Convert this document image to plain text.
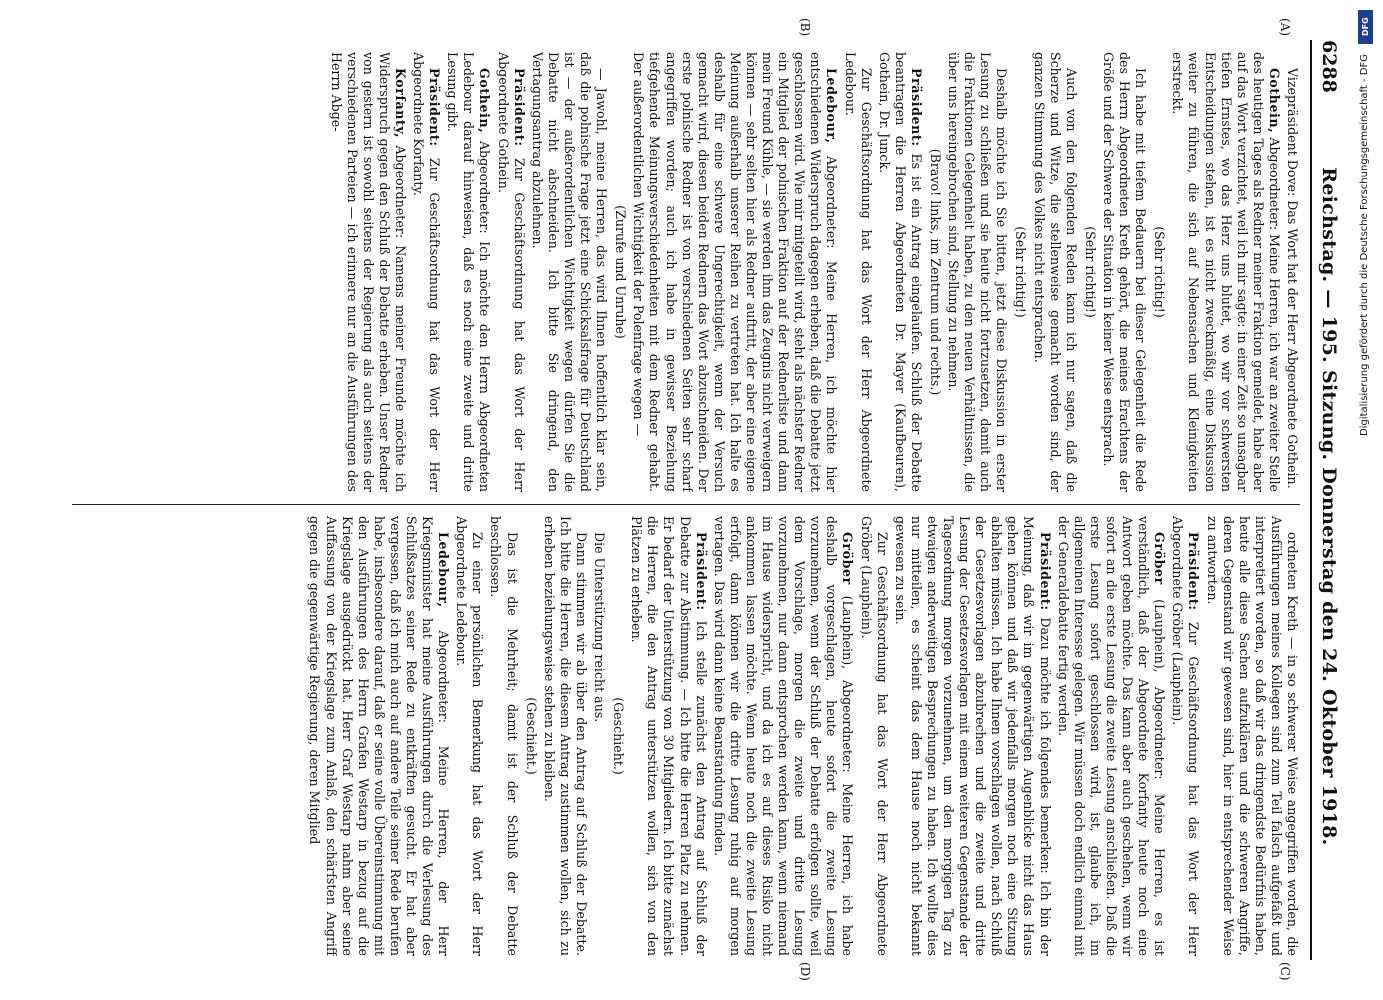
6288
Reichstag. — 195. Sitzung. Donnerstag den 24. Oktober 1918.
(A)
(B)
(C)
(D)

Vizepräsident Dove: Das Wort hat der Herr Abgeordnete Gothein.

Gothein, Abgeordneter: Meine Herren, ich war an zweiter Stelle des heutigen Tages als Redner meiner Fraktion gemeldet, habe aber auf das Wort verzichtet, weil ich mir sagte: in einer Zeit so unsagbar tiefen Ernstes, wo das Herz uns blutet, wo wir vor schwersten Entscheidungen stehen, ist es nicht zweckmäßig, eine Diskussion weiter zu führen, die sich auf Nebensachen und Kleinigkeiten erstreckt.

(Sehr richtig!)

Ich habe mit tiefem Bedauern bei dieser Gelegenheit die Rede des Herrn Abgeordneten Kreth gehört, die meines Erachtens der Größe und der Schwere der Situation in keiner Weise entsprach.

(Sehr richtig!)

Auch von den folgenden Reden kann ich nur sagen, daß die Scherze und Witze, die stellenweise gemacht worden sind, der ganzen Stimmung des Volkes nicht entsprachen.

(Sehr richtig!)

Deshalb möchte ich Sie bitten, jetzt diese Diskussion in erster Lesung zu schließen und sie heute nicht fortzusetzen, damit auch die Fraktionen Gelegenheit haben, zu den neuen Verhältnissen, die über uns hereingebrochen sind, Stellung zu nehmen.

(Bravo! links, im Zentrum und rechts.)

Präsident: Es ist ein Antrag eingelaufen. Schluß der Debatte beantragen die Herren Abgeordneten Dr. Mayer (Kaufbeuren), Gothein, Dr. Junck.

Zur Geschäftsordnung hat das Wort der Herr Abgeordnete Ledebour.

Ledebour, Abgeordneter: Meine Herren, ich möchte hier entschiedenen Widerspruch dagegen erheben, daß die Debatte jetzt geschlossen wird. Wie mir mitgeteilt wird, steht als nächster Redner ein Mitglied der polnischen Fraktion auf der Rednerliste und dann mein Freund Kühle, — sie werden ihm das Zeugnis nicht verweigern können — sehr selten hier als Redner auftritt, der aber eine eigene Meinung außerhalb unserer Reihen zu vertreten hat. Ich halte es deshalb für eine schwere Ungerechtigkeit, wenn der Versuch gemacht wird, diesen beiden Rednern das Wort abzuschneiden. Der erste polnische Redner ist von verschiedenen Seiten sehr scharf angegriffen worden; auch ich habe in gewisser Beziehung tiefgehende Meinungsverschiedenheiten mit dem Redner gehabt. Der außerordentlichen Wichtigkeit der Polenfrage wegen —

(Zurufe und Unruhe)

— Jawohl, meine Herren, das wird Ihnen hoffentlich klar sein, daß die polnische Frage jetzt eine Schicksalsfrage für Deutschland ist — der außerordentlichen Wichtigkeit wegen dürfen Sie die Debatte nicht abschneiden. Ich bitte Sie dringend, den Vertagungsantrag abzulehnen.

Präsident: Zur Geschäftsordnung hat das Wort der Herr Abgeordnete Gothein.

Gothein, Abgeordneter: Ich möchte den Herrn Abgeordneten Ledebour darauf hinweisen, daß es noch eine zweite und dritte Lesung gibt.

Präsident: Zur Geschäftsordnung hat das Wort der Herr Abgeordnete Korfanty.

Korfanty, Abgeordneter: Namens meiner Freunde möchte ich Widerspruch gegen den Schluß der Debatte erheben. Unser Redner von gestern ist sowohl seitens der Regierung als auch seitens der verschiedenen Parteien — ich erinnere nur an die Ausführungen des Herrn Abge-

ordneten Kreth — in so schwerer Weise angegriffen worden, die Ausführungen meines Kollegen sind zum Teil falsch aufgefaßt und interpretiert worden, so daß wir das dringendste Bedürfnis haben, heute alle diese Sachen aufzuklären und die schweren Angriffe, deren Gegenstand wir gewesen sind, hier in entsprechender Weise zu antworten.

Präsident: Zur Geschäftsordnung hat das Wort der Herr Abgeordnete Gröber (Lauphein).

Gröber (Lauphein), Abgeordneter: Meine Herren, es ist verständlich, daß der Abgeordnete Korfanty heute noch eine Antwort geben möchte. Das kann aber auch geschehen, wenn wir sofort an die erste Lesung die zweite Lesung anschließen. Daß die erste Lesung sofort geschlossen wird, ist, glaube ich, im allgemeinen Interesse gelegen. Wir müssen doch endlich einmal mit der Generaldebatte fertig werden.

Präsident: Dazu möchte ich folgendes bemerken: Ich bin der Meinung, daß wir im gegenwärtigen Augenblicke nicht das Haus gehen können und daß wir jedenfalls morgen noch eine Sitzung abhalten müssen. Ich habe Ihnen vorschlagen wollen, nach Schluß der Gesetzesvorlagen abzubrechen und die zweite und dritte Lesung der Gesetzesvorlagen mit einem weiteren Gegenstande der Tagesordnung morgen vorzunehmen, um den morgigen Tag zu etwaigen anderweitigen Besprechungen zu haben. Ich wollte dies nur mitteilen, es scheint das dem Hause noch nicht bekannt gewesen zu sein.

Zur Geschäftsordnung hat das Wort der Herr Abgeordnete Gröber (Lauphein).

Gröber (Lauphein), Abgeordneter: Meine Herren, ich habe deshalb vorgeschlagen, heute sofort die zweite Lesung vorzunehmen, wenn der Schluß der Debatte erfolgen sollte, weil dem Vorschlage, morgen die zweite und dritte Lesung vorzunehmen, nur dann entsprochen werden kann, wenn niemand im Hause widerspricht, und da ich es auf dieses Risiko nicht ankommen lassen möchte. Wenn heute noch die zweite Lesung erfolgt, dann können wir die dritte Lesung ruhig auf morgen vertagen. Das wird dann keine Beanstandung finden.

Präsident: Ich stelle zunächst den Antrag auf Schluß der Debatte zur Abstimmung. — Ich bitte die Herren Platz zu nehmen. Er bedarf der Unterstützung von 30 Mitgliedern. Ich bitte zunächst die Herren, die den Antrag unterstützen wollen, sich von den Plätzen zu erheben.

(Geschieht.)

Die Unterstützung reicht aus.

Dann stimmen wir ab über den Antrag auf Schluß der Debatte. Ich bitte die Herren, die diesem Antrag zustimmen wollen, sich zu erheben beziehungsweise stehen zu bleiben.

(Geschieht.)

Das ist die Mehrheit; damit ist der Schluß der Debatte beschlossen.

Zu einer persönlichen Bemerkung hat das Wort der Herr Abgeordnete Ledebour.

Ledebour, Abgeordneter: Meine Herren, der Herr Kriegsminister hat meine Ausführungen durch die Verlesung des Schlußsatzes seiner Rede zu entkräften gesucht. Er hat aber vergessen, daß ich mich auch auf andere Teile seiner Rede berufen habe, insbesondere darauf, daß er seine volle Übereinstimmung mit den Ausführungen des Herrn Grafen Westarp in bezug auf die Kriegslage ausgedrückt hat. Herr Graf Westarp nahm aber seine Auffassung von der Kriegslage zum Anlaß, den schärfsten Angriff gegen die gegenwärtige Regierung, deren Mitglied

DFG
Digitalisierung gefördert durch die Deutsche Forschungsgemeinschaft - DFG
